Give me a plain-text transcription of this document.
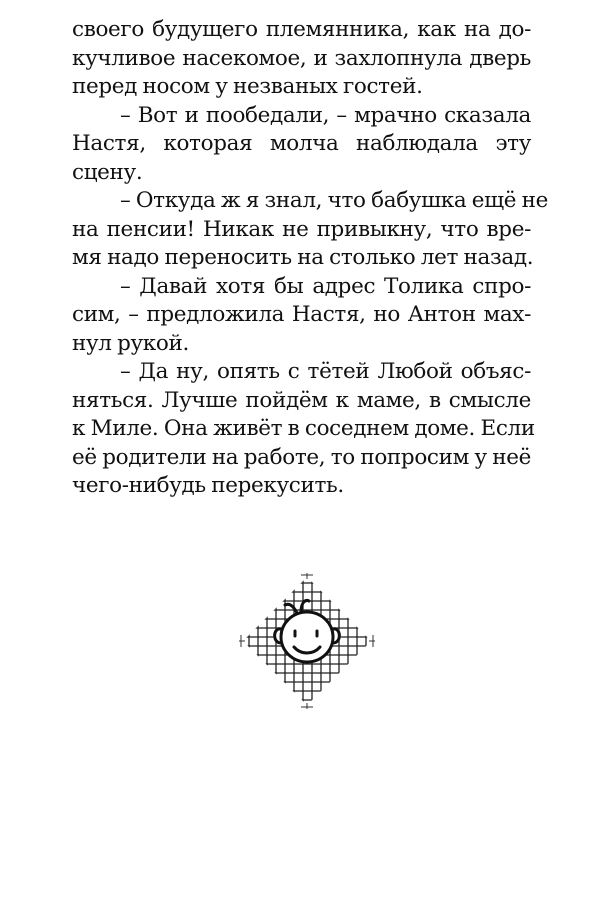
своего будущего племянника, как на до-
кучливое насекомое, и захлопнула дверь
перед носом у незваных гостей.
– Вот и пообедали, – мрачно сказала
Настя, которая молча наблюдала эту
сцену.
– Откуда ж я знал, что бабушка ещё не
на пенсии! Никак не привыкну, что вре-
мя надо переносить на столько лет назад.
– Давай хотя бы адрес Толика спро-
сим, – предложила Настя, но Антон мах-
нул рукой.
– Да ну, опять с тётей Любой объяс-
няться. Лучше пойдём к маме, в смысле
к Миле. Она живёт в соседнем доме. Если
её родители на работе, то попросим у неё
чего-нибудь перекусить.
